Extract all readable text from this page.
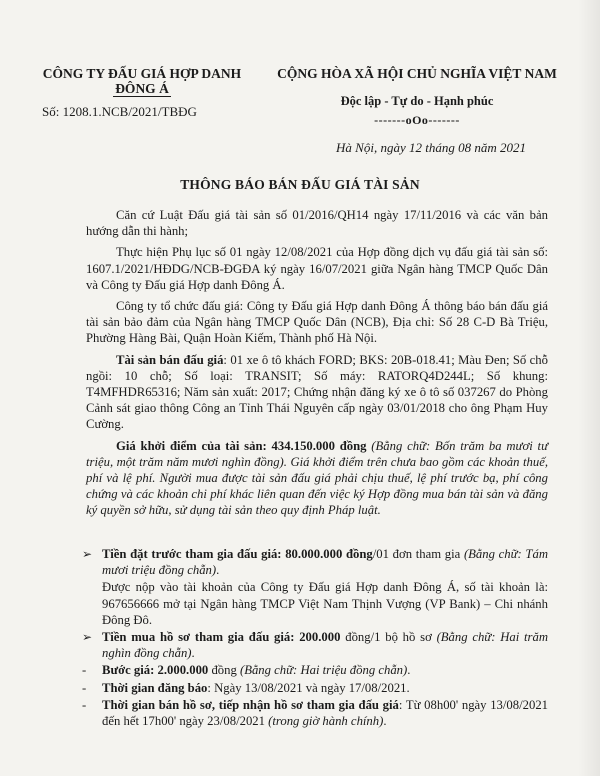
CÔNG TY ĐẤU GIÁ HỢP DANH
ĐÔNG Á
Số: 1208.1.NCB/2021/TBĐG
CỘNG HÒA XÃ HỘI CHỦ NGHĨA VIỆT NAM
Độc lập - Tự do - Hạnh phúc
-------oOo-------
Hà Nội, ngày 12 tháng 08 năm 2021
THÔNG BÁO BÁN ĐẤU GIÁ TÀI SẢN

Căn cứ Luật Đấu giá tài sản số 01/2016/QH14 ngày 17/11/2016 và các văn bản hướng dẫn thi hành;

Thực hiện Phụ lục số 01 ngày 12/08/2021 của Hợp đồng dịch vụ đấu giá tài sản số: 1607.1/2021/HĐDG/NCB-ĐGĐA ký ngày 16/07/2021 giữa Ngân hàng TMCP Quốc Dân và Công ty Đấu giá Hợp danh Đông Á.

Công ty tổ chức đấu giá: Công ty Đấu giá Hợp danh Đông Á thông báo bán đấu giá tài sản bảo đảm của Ngân hàng TMCP Quốc Dân (NCB), Địa chỉ: Số 28 C-D Bà Triệu, Phường Hàng Bài, Quận Hoàn Kiếm, Thành phố Hà Nội.

Tài sản bán đấu giá: 01 xe ô tô khách FORD; BKS: 20B-018.41; Màu Đen; Số chỗ ngồi: 10 chỗ; Số loại: TRANSIT; Số máy: RATORQ4D244L; Số khung: T4MFHDR65316; Năm sản xuất: 2017; Chứng nhận đăng ký xe ô tô số 037267 do Phòng Cảnh sát giao thông Công an Tỉnh Thái Nguyên cấp ngày 03/01/2018 cho ông Phạm Huy Cường.

Giá khởi điểm của tài sản: 434.150.000 đồng (Bằng chữ: Bốn trăm ba mươi tư triệu, một trăm năm mươi nghìn đồng). Giá khởi điểm trên chưa bao gồm các khoản thuế, phí và lệ phí. Người mua được tài sản đấu giá phải chịu thuế, lệ phí trước bạ, phí công chứng và các khoản chi phí khác liên quan đến việc ký Hợp đồng mua bán tài sản và đăng ký quyền sở hữu, sử dụng tài sản theo quy định Pháp luật.

➢ Tiền đặt trước tham gia đấu giá: 80.000.000 đồng/01 đơn tham gia (Bằng chữ: Tám mươi triệu đồng chẵn).
Được nộp vào tài khoản của Công ty Đấu giá Hợp danh Đông Á, số tài khoản là: 967656666 mở tại Ngân hàng TMCP Việt Nam Thịnh Vượng (VP Bank) – Chi nhánh Đông Đô.
➢ Tiền mua hồ sơ tham gia đấu giá: 200.000 đồng/1 bộ hồ sơ (Bằng chữ: Hai trăm nghìn đồng chẵn).
- Bước giá: 2.000.000 đồng (Bằng chữ: Hai triệu đồng chẵn).
- Thời gian đăng báo: Ngày 13/08/2021 và ngày 17/08/2021.
- Thời gian bán hồ sơ, tiếp nhận hồ sơ tham gia đấu giá: Từ 08h00' ngày 13/08/2021 đến hết 17h00' ngày 23/08/2021 (trong giờ hành chính).
